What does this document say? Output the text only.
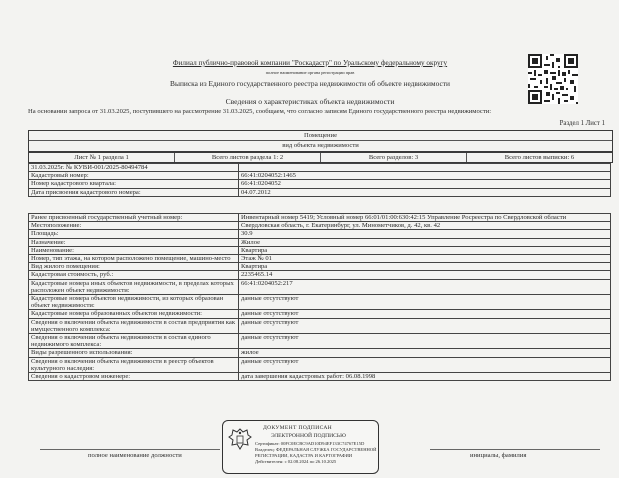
Филиал публично-правовой компании "Роскадастр" по Уральскому федеральному округу
полное наименование органа регистрации прав
Выписка из Единого государственного реестра недвижимости об объекте недвижимости
Сведения о характеристиках объекта недвижимости
На основании запроса от 31.03.2025, поступившего на рассмотрение 31.03.2025, сообщаем, что согласно записям Единого государственного реестра недвижимости:
Раздел 1 Лист 1
Помещение
вид объекта недвижимости
Лист № 1 раздела 1	Всего листов раздела 1: 2	Всего разделов: 3	Всего листов выписки: 6
31.03.2025г. № КУВИ-001/2025-80494784	
Кадастровый номер:	66:41:0204052:1465
Номер кадастрового квартала:	66:41:0204052
Дата присвоения кадастрового номера:	04.07.2012
Ранее присвоенный государственный учетный номер:	Инвентарный номер 5419; Условный номер 66:01/01:00:630:42:15 Управление Росреестра по Свердловской области
Местоположение:	Свердловская область, г. Екатеринбург, ул. Минометчиков, д. 42, кв. 42
Площадь:	30.9
Назначение:	Жилое
Наименование:	Квартира
Номер, тип этажа, на котором расположено помещение, машино-место	Этаж № 01
Вид жилого помещения:	Квартира
Кадастровая стоимость, руб.:	2235465.14
Кадастровые номера иных объектов недвижимости, в пределах которых расположен объект недвижимости:	66:41:0204052:217
Кадастровые номера объектов недвижимости, из которых образован объект недвижимости:	данные отсутствуют
Кадастровые номера образованных объектов недвижимости:	данные отсутствуют
Сведения о включении объекта недвижимости в состав предприятия как имущественного комплекса:	данные отсутствуют
Сведения о включении объекта недвижимости в состав единого недвижимого комплекса:	данные отсутствуют
Виды разрешенного использования:	жилое
Сведения о включении объекта недвижимости в реестр объектов культурного наследия:	данные отсутствуют
Сведения о кадастровом инженере:	дата завершения кадастровых работ: 06.08.1998
полное наименование должности	инициалы, фамилия
ДОКУМЕНТ ПОДПИСАН
ЭЛЕКТРОННОЙ ПОДПИСЬЮ
Сертификат: 00FC0ECBC9AD10D94EF133C74767E15D
Владелец: ФЕДЕРАЛЬНАЯ СЛУЖБА ГОСУДАРСТВЕННОЙ
РЕГИСТРАЦИИ, КАДАСТРА И КАРТОГРАФИИ
Действителен: с 02.08.2024 по 26.10.2025
